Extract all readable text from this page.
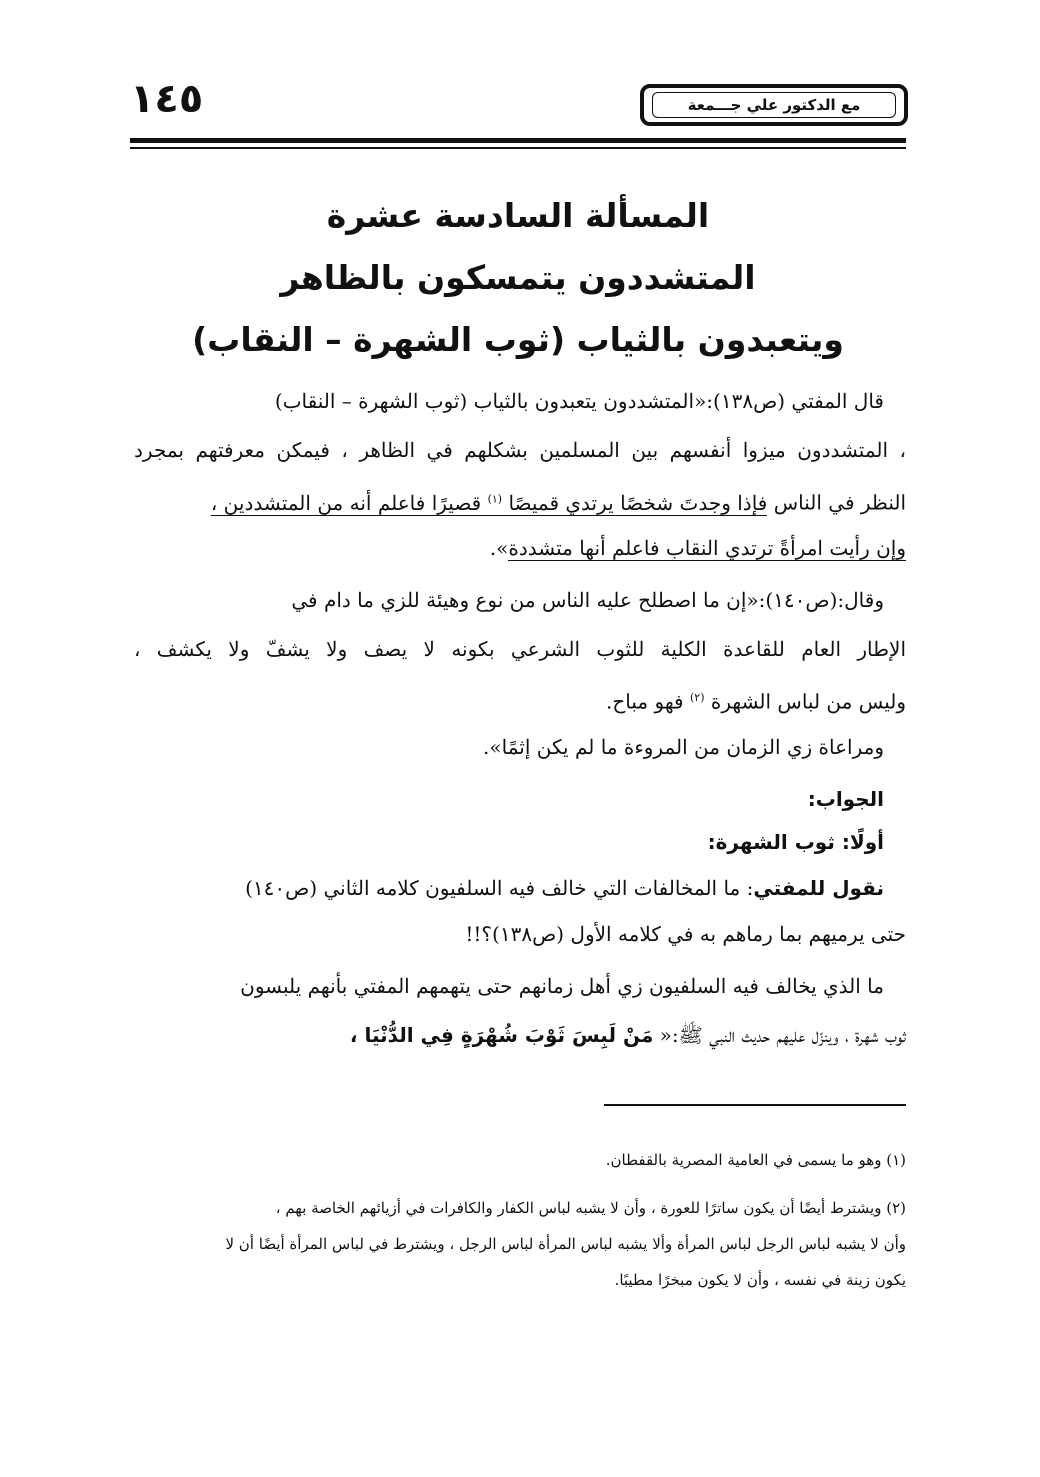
مع الدكتور علي جـــمعة
١٤٥
المسألة السادسة عشرة
المتشددون يتمسكون بالظاهر
ويتعبدون بالثياب (ثوب الشهرة – النقاب)
قال المفتي (ص١٣٨):«المتشددون يتعبدون بالثياب (ثوب الشهرة – النقاب)
، المتشددون ميزوا أنفسهم بين المسلمين بشكلهم في الظاهر ، فيمكن معرفتهم بمجرد
النظر في الناس فإذا وجدتَ شخصًا يرتدي قميصًا $^{(١)}$ قصيرًا فاعلم أنه من المتشددين ،
وإن رأيت امرأةً ترتدي النقاب فاعلم أنها متشددة».
وقال:(ص١٤٠):«إن ما اصطلح عليه الناس من نوع وهيئة للزي ما دام في
الإطار العام للقاعدة الكلية للثوب الشرعي بكونه لا يصف ولا يشفّ ولا يكشف ،
وليس من لباس الشهرة $^{(٢)}$ فهو مباح.
ومراعاة زي الزمان من المروءة ما لم يكن إثمًا».
الجواب:
أولًا: ثوب الشهرة:
نقول للمفتي: ما المخالفات التي خالف فيه السلفيون كلامه الثاني (ص١٤٠)
حتى يرميهم بما رماهم به في كلامه الأول (ص١٣٨)؟!!
ما الذي يخالف فيه السلفيون زي أهل زمانهم حتى يتهمهم المفتي بأنهم يلبسون
ثوب شهرة ، وينزّل عليهم حديث النبي ﷺ:« مَنْ لَبِسَ ثَوْبَ شُهْرَةٍ فِي الدُّنْيَا ،
(١) وهو ما يسمى في العامية المصرية بالقفطان.
(٢) ويشترط أيضًا أن يكون ساترًا للعورة ، وأن لا يشبه لباس الكفار والكافرات في أزيائهم الخاصة بهم ،
وأن لا يشبه لباس الرجل لباس المرأة وألا يشبه لباس المرأة لباس الرجل ، ويشترط في لباس المرأة أيضًا أن لا
يكون زينة في نفسه ، وأن لا يكون مبخرًا مطيبًا.
